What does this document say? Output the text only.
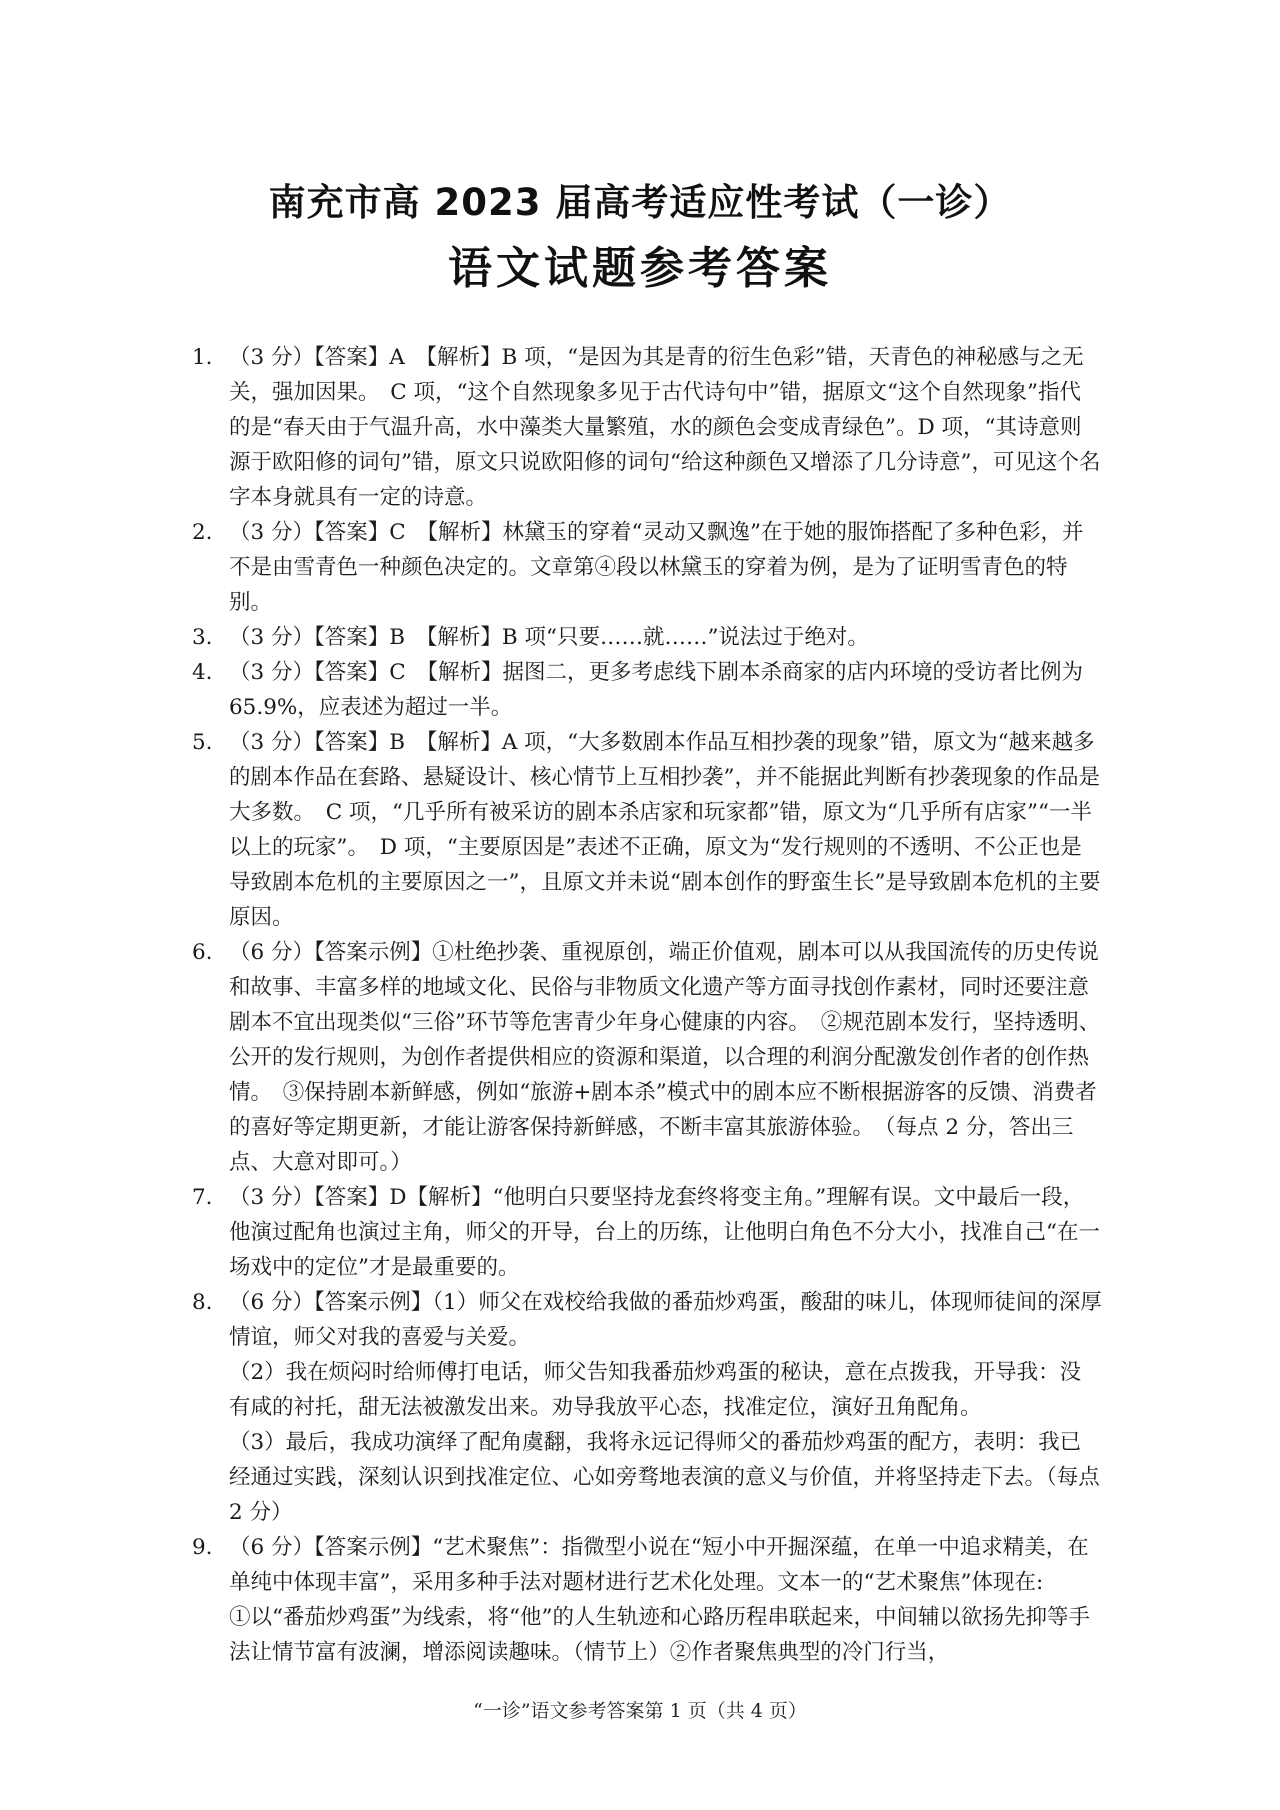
南充市高 2023 届高考适应性考试（一诊）
语文试题参考答案
1. （3 分）【答案】A　【解析】B 项，“是因为其是青的衍生色彩”错，天青色的神秘感与之无关，强加因果。　C 项，“这个自然现象多见于古代诗句中”错，据原文“这个自然现象”指代的是“春天由于气温升高，水中藻类大量繁殖，水的颜色会变成青绿色”。D 项，“其诗意则源于欧阳修的词句”错，原文只说欧阳修的词句“给这种颜色又增添了几分诗意”，可见这个名字本身就具有一定的诗意。
2. （3 分）【答案】C　【解析】林黛玉的穿着“灵动又飘逸”在于她的服饰搭配了多种色彩，并不是由雪青色一种颜色决定的。文章第④段以林黛玉的穿着为例，是为了证明雪青色的特别。
3. （3 分）【答案】B　【解析】B 项“只要……就……”说法过于绝对。
4. （3 分）【答案】C　【解析】据图二，更多考虑线下剧本杀商家的店内环境的受访者比例为 65.9%，应表述为超过一半。
5. （3 分）【答案】B　【解析】A 项，“大多数剧本作品互相抄袭的现象”错，原文为“越来越多的剧本作品在套路、悬疑设计、核心情节上互相抄袭”，并不能据此判断有抄袭现象的作品是大多数。　C 项，“几乎所有被采访的剧本杀店家和玩家都”错，原文为“几乎所有店家”“一半以上的玩家”。　D 项，“主要原因是”表述不正确，原文为“发行规则的不透明、不公正也是导致剧本危机的主要原因之一”，且原文并未说“剧本创作的野蛮生长”是导致剧本危机的主要原因。
6. （6 分）【答案示例】①杜绝抄袭、重视原创，端正价值观，剧本可以从我国流传的历史传说和故事、丰富多样的地域文化、民俗与非物质文化遗产等方面寻找创作素材，同时还要注意剧本不宜出现类似“三俗”环节等危害青少年身心健康的内容。　②规范剧本发行，坚持透明、公开的发行规则，为创作者提供相应的资源和渠道，以合理的利润分配激发创作者的创作热情。　③保持剧本新鲜感，例如“旅游+剧本杀”模式中的剧本应不断根据游客的反馈、消费者的喜好等定期更新，才能让游客保持新鲜感，不断丰富其旅游体验。　（每点 2 分，答出三点、大意对即可。）
7. （3 分）【答案】D【解析】“他明白只要坚持龙套终将变主角。”理解有误。文中最后一段，他演过配角也演过主角，师父的开导，台上的历练，让他明白角色不分大小，找准自己“在一场戏中的定位”才是最重要的。
8. （6 分）【答案示例】（1）师父在戏校给我做的番茄炒鸡蛋，酸甜的味儿，体现师徒间的深厚情谊，师父对我的喜爱与关爱。

（2）我在烦闷时给师傅打电话，师父告知我番茄炒鸡蛋的秘诀，意在点拨我，开导我：没有咸的衬托，甜无法被激发出来。劝导我放平心态，找准定位，演好丑角配角。

（3）最后，我成功演绎了配角虞翻，我将永远记得师父的番茄炒鸡蛋的配方，表明：我已经通过实践，深刻认识到找准定位、心如旁骛地表演的意义与价值，并将坚持走下去。（每点 2 分）

9. （6 分）【答案示例】“艺术聚焦”：指微型小说在“短小中开掘深蕴，在单一中追求精美，在单纯中体现丰富”，采用多种手法对题材进行艺术化处理。文本一的“艺术聚焦”体现在:

①以“番茄炒鸡蛋”为线索，将“他”的人生轨迹和心路历程串联起来，中间辅以欲扬先抑等手法让情节富有波澜，增添阅读趣味。（情节上）②作者聚焦典型的冷门行当，

“一诊”语文参考答案第 1 页（共 4 页）
